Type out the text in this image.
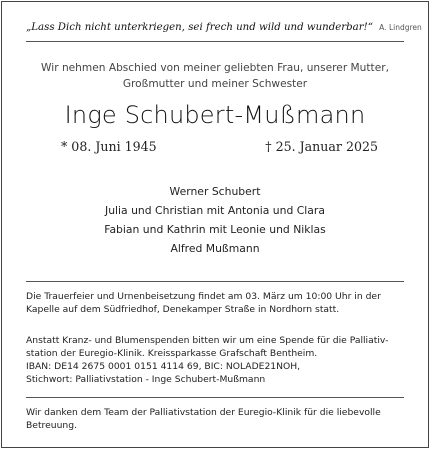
„Lass Dich nicht unterkriegen, sei frech und wild und wunderbar!“ A. Lindgren
Wir nehmen Abschied von meiner geliebten Frau, unserer Mutter,
Großmutter und meiner Schwester
Inge Schubert-Mußmann
* 08. Juni 1945	† 25. Januar 2025
Werner Schubert
Julia und Christian mit Antonia und Clara
Fabian und Kathrin mit Leonie und Niklas
Alfred Mußmann
Die Trauerfeier und Urnenbeisetzung findet am 03. März um 10:00 Uhr in der
Kapelle auf dem Südfriedhof, Denekamper Straße in Nordhorn statt.
Anstatt Kranz- und Blumenspenden bitten wir um eine Spende für die Palliativ-
station der Euregio-Klinik. Kreissparkasse Grafschaft Bentheim.
IBAN: DE14 2675 0001 0151 4114 69, BIC: NOLADE21NOH,
Stichwort: Palliativstation - Inge Schubert-Mußmann
Wir danken dem Team der Palliativstation der Euregio-Klinik für die liebevolle
Betreuung.
